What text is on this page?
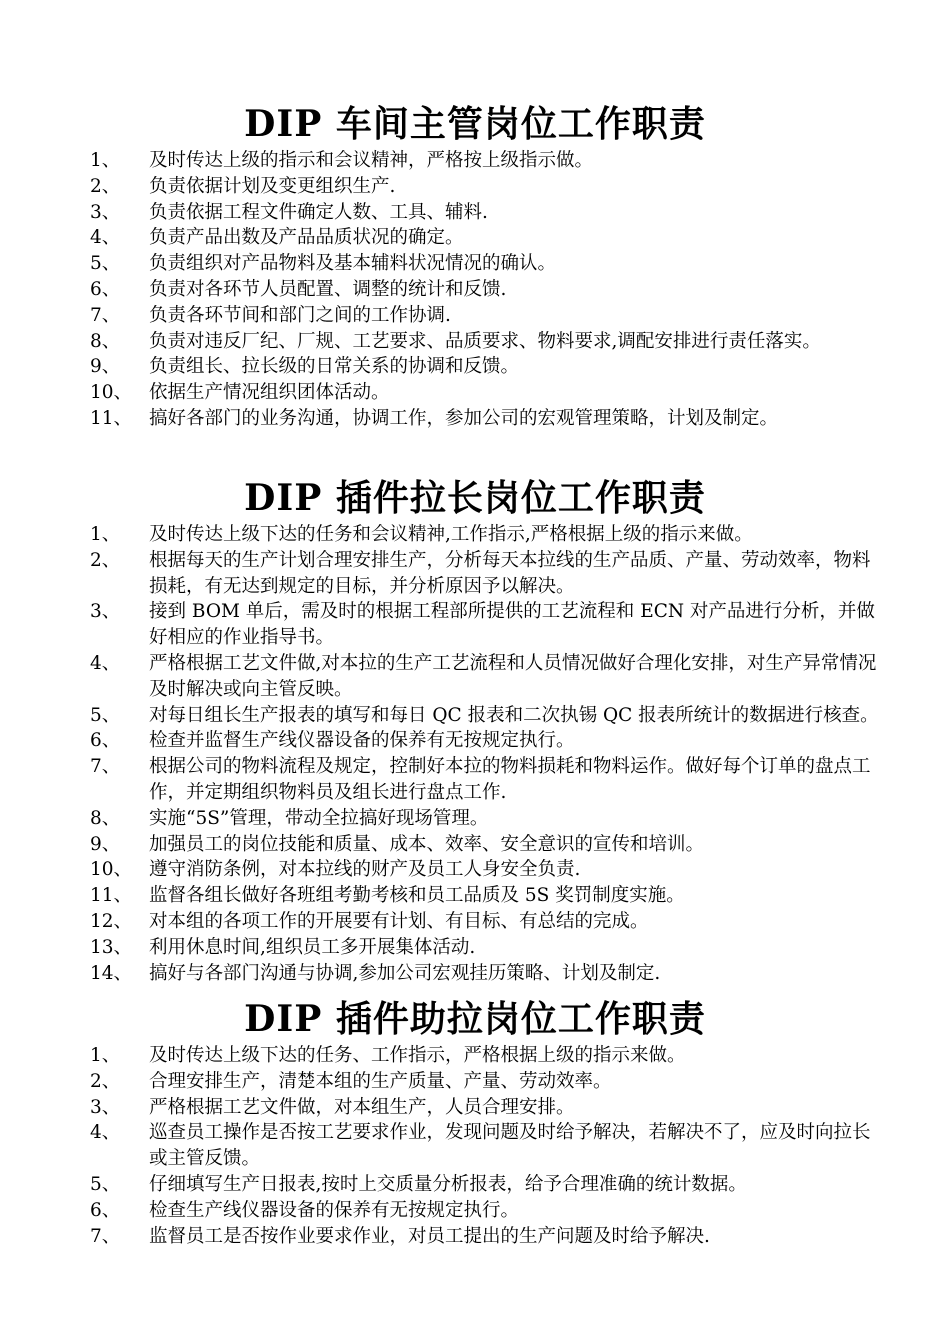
DIP 车间主管岗位工作职责
1、	及时传达上级的指示和会议精神，严格按上级指示做。
2、	负责依据计划及变更组织生产.
3、	负责依据工程文件确定人数、工具、辅料.
4、	负责产品出数及产品品质状况的确定。
5、	负责组织对产品物料及基本辅料状况情况的确认。
6、	负责对各环节人员配置、调整的统计和反馈.
7、	负责各环节间和部门之间的工作协调.
8、	负责对违反厂纪、厂规、工艺要求、品质要求、物料要求,调配安排进行责任落实。
9、	负责组长、拉长级的日常关系的协调和反馈。
10、 依据生产情况组织团体活动。
11、 搞好各部门的业务沟通，协调工作，参加公司的宏观管理策略，计划及制定。
DIP 插件拉长岗位工作职责
1、	及时传达上级下达的任务和会议精神,工作指示,严格根据上级的指示来做。
2、	根据每天的生产计划合理安排生产，分析每天本拉线的生产品质、产量、劳动效率，物料损耗，有无达到规定的目标，并分析原因予以解决。
3、	接到 BOM 单后，需及时的根据工程部所提供的工艺流程和 ECN 对产品进行分析，并做好相应的作业指导书。
4、	严格根据工艺文件做,对本拉的生产工艺流程和人员情况做好合理化安排，对生产异常情况及时解决或向主管反映。
5、	对每日组长生产报表的填写和每日 QC 报表和二次执锡 QC 报表所统计的数据进行核查。
6、	检查并监督生产线仪器设备的保养有无按规定执行。
7、	根据公司的物料流程及规定，控制好本拉的物料损耗和物料运作。做好每个订单的盘点工作，并定期组织物料员及组长进行盘点工作.
8、	实施“5S”管理，带动全拉搞好现场管理。
9、	加强员工的岗位技能和质量、成本、效率、安全意识的宣传和培训。
10、 遵守消防条例，对本拉线的财产及员工人身安全负责.
11、 监督各组长做好各班组考勤考核和员工品质及 5S 奖罚制度实施。
12、 对本组的各项工作的开展要有计划、有目标、有总结的完成。
13、 利用休息时间,组织员工多开展集体活动.
14、 搞好与各部门沟通与协调,参加公司宏观挂历策略、计划及制定.
DIP 插件助拉岗位工作职责
1、	及时传达上级下达的任务、工作指示，严格根据上级的指示来做。
2、	合理安排生产，清楚本组的生产质量、产量、劳动效率。
3、	严格根据工艺文件做，对本组生产，人员合理安排。
4、	巡查员工操作是否按工艺要求作业，发现问题及时给予解决，若解决不了，应及时向拉长或主管反馈。
5、	仔细填写生产日报表,按时上交质量分析报表，给予合理准确的统计数据。
6、	检查生产线仪器设备的保养有无按规定执行。
7、	监督员工是否按作业要求作业，对员工提出的生产问题及时给予解决.
